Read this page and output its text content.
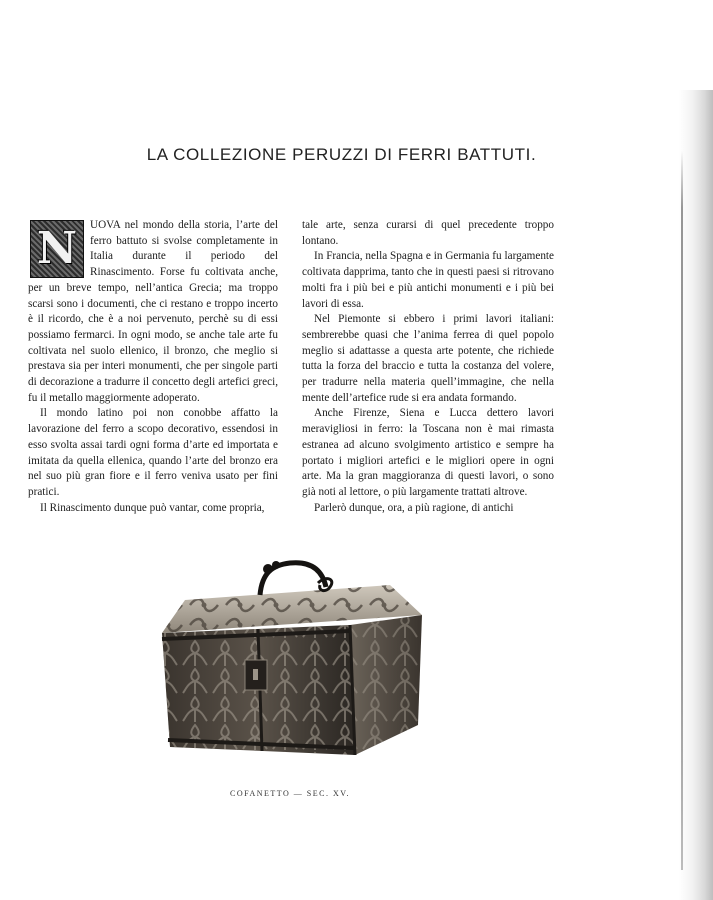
LA COLLEZIONE PERUZZI DI FERRI BATTUTI.
N	UOVA nel mondo della storia, l’arte del ferro battuto si svolse completamente in Italia durante il periodo del Rinascimento. Forse fu coltivata anche, per un breve tempo, nell’antica Grecia; ma troppo scarsi sono i documenti, che ci restano e troppo incerto è il ricordo, che è a noi pervenuto, perchè su di essi possiamo fermarci. In ogni modo, se anche tale arte fu coltivata nel suolo ellenico, il bronzo, che meglio si prestava sia per interi monumenti, che per singole parti di decorazione a tradurre il concetto degli artefici greci, fu il metallo maggiormente adoperato.

Il mondo latino poi non conobbe affatto la lavorazione del ferro a scopo decorativo, essendosi in esso svolta assai tardi ogni forma d’arte ed importata e imitata da quella ellenica, quando l’arte del bronzo era nel suo più gran fiore e il ferro veniva usato per fini pratici.

Il Rinascimento dunque può vantar, come propria,

tale arte, senza curarsi di quel precedente troppo lontano.

In Francia, nella Spagna e in Germania fu largamente coltivata dapprima, tanto che in questi paesi si ritrovano molti fra i più bei e più antichi monumenti e i più bei lavori di essa.

Nel Piemonte si ebbero i primi lavori italiani: sembrerebbe quasi che l’anima ferrea di quel popolo meglio si adattasse a questa arte potente, che richiede tutta la forza del braccio e tutta la costanza del volere, per tradurre nella materia quell’immagine, che nella mente dell’artefice rude si era andata formando.

Anche Firenze, Siena e Lucca dettero lavori meravigliosi in ferro: la Toscana non è mai rimasta estranea ad alcuno svolgimento artistico e sempre ha portato i migliori artefici e le migliori opere in ogni arte. Ma la gran maggioranza di questi lavori, o sono già noti al lettore, o più largamente trattati altrove.

Parlerò dunque, ora, a più ragione, di antichi

COFANETTO — SEC. XV.
